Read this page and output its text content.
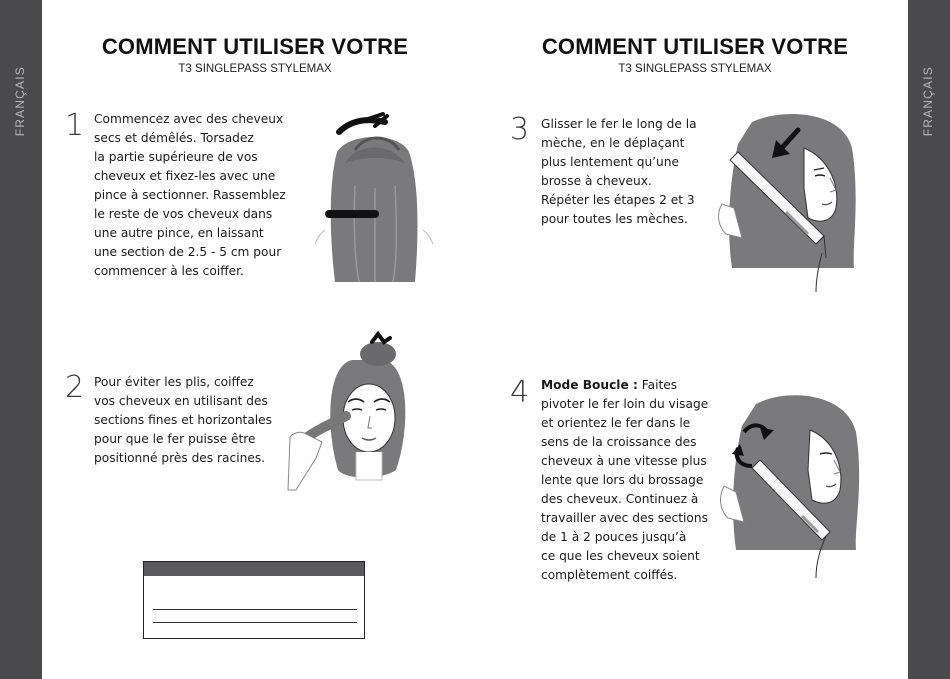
FRANÇAIS	FRANÇAIS
COMMENT UTILISER VOTRE
T3 SINGLEPASS STYLEMAX
1 Commencez avec des cheveux
secs et démêlés. Torsadez
la partie supérieure de vos
cheveux et fixez-les avec une
pince à sectionner. Rassemblez
le reste de vos cheveux dans
une autre pince, en laissant
une section de 2.5 - 5 cm pour
commencer à les coiffer.
2 Pour éviter les plis, coiffez
vos cheveux en utilisant des
sections fines et horizontales
pour que le fer puisse être
positionné près des racines.
COMMENT UTILISER VOTRE
T3 SINGLEPASS STYLEMAX
3 Glisser le fer le long de la
mèche, en le déplaçant
plus lentement qu’une
brosse à cheveux.
Répéter les étapes 2 et 3
pour toutes les mèches.
4 Mode Boucle : Faites
pivoter le fer loin du visage
et orientez le fer dans le
sens de la croissance des
cheveux à une vitesse plus
lente que lors du brossage
des cheveux. Continuez à
travailler avec des sections
de 1 à 2 pouces jusqu’à
ce que les cheveux soient
complètement coiffés.
